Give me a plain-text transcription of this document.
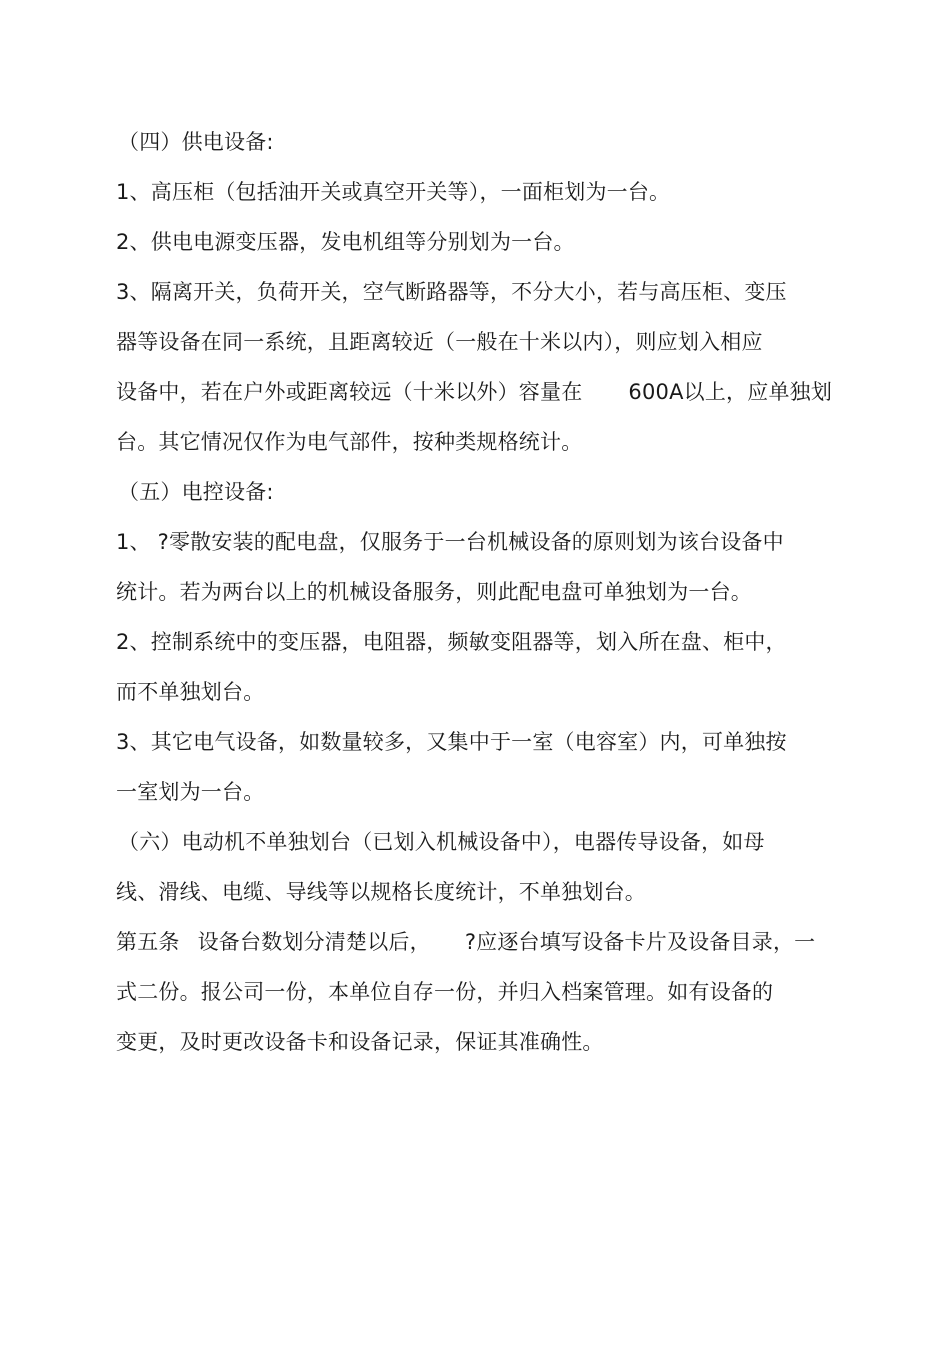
（四）供电设备:
1、高压柜（包括油开关或真空开关等），一面柜划为一台。
2、供电电源变压器，发电机组等分别划为一台。
3、隔离开关，负荷开关，空气断路器等，不分大小，若与高压柜、变压
器等设备在同一系统，且距离较近（一般在十米以内），则应划入相应
设备中，若在户外或距离较远（十米以外）容量在 600A以上，应单独划
台。其它情况仅作为电气部件，按种类规格统计。
（五）电控设备:
1、 ?零散安装的配电盘，仅服务于一台机械设备的原则划为该台设备中
统计。若为两台以上的机械设备服务，则此配电盘可单独划为一台。
2、控制系统中的变压器，电阻器，频敏变阻器等，划入所在盘、柜中，
而不单独划台。
3、其它电气设备，如数量较多，又集中于一室（电容室）内，可单独按
一室划为一台。
（六）电动机不单独划台（已划入机械设备中），电器传导设备，如母
线、滑线、电缆、导线等以规格长度统计，不单独划台。
第五条 设备台数划分清楚以后， ?应逐台填写设备卡片及设备目录，一
式二份。报公司一份，本单位自存一份，并归入档案管理。如有设备的
变更，及时更改设备卡和设备记录，保证其准确性。
